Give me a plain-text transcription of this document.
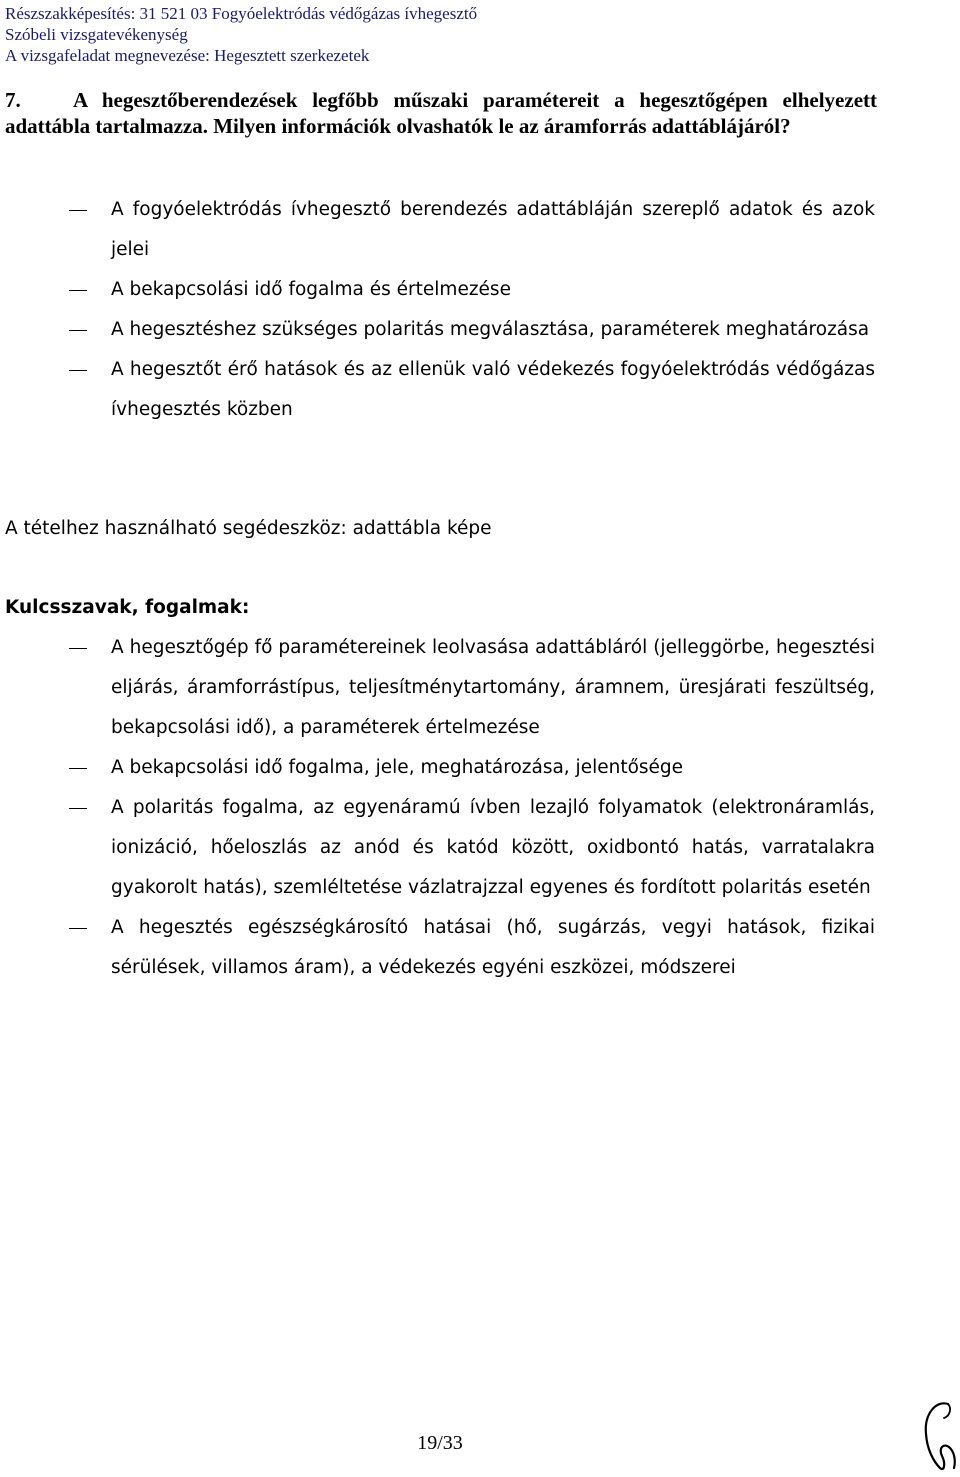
Részszakképesítés: 31 521 03 Fogyóelektródás védőgázas ívhegesztő
Szóbeli vizsgatevékenység
A vizsgafeladat megnevezése: Hegesztett szerkezetek
7.	A hegesztőberendezések legfőbb műszaki paramétereit a hegesztőgépen elhelyezett adattábla tartalmazza. Milyen információk olvashatók le az áramforrás adattáblájáról?
A fogyóelektródás ívhegesztő berendezés adattábláján szereplő adatok és azok jelei
A bekapcsolási idő fogalma és értelmezése
A hegesztéshez szükséges polaritás megválasztása, paraméterek meghatározása
A hegesztőt érő hatások és az ellenük való védekezés fogyóelektródás védőgázas ívhegesztés közben
A tételhez használható segédeszköz: adattábla képe
Kulcsszavak, fogalmak:
A hegesztőgép fő paramétereinek leolvasása adattábláról (jelleggörbe, hegesztési eljárás, áramforrástípus, teljesítménytartomány, áramnem, üresjárati feszültség, bekapcsolási idő), a paraméterek értelmezése
A bekapcsolási idő fogalma, jele, meghatározása, jelentősége
A polaritás fogalma, az egyenáramú ívben lezajló folyamatok (elektronáramlás, ionizáció, hőeloszlás az anód és katód között, oxidbontó hatás, varratalakra gyakorolt hatás), szemléltetése vázlatrajzzal egyenes és fordított polaritás esetén
A hegesztés egészségkárosító hatásai (hő, sugárzás, vegyi hatások, fizikai sérülések, villamos áram), a védekezés egyéni eszközei, módszerei
19/33
